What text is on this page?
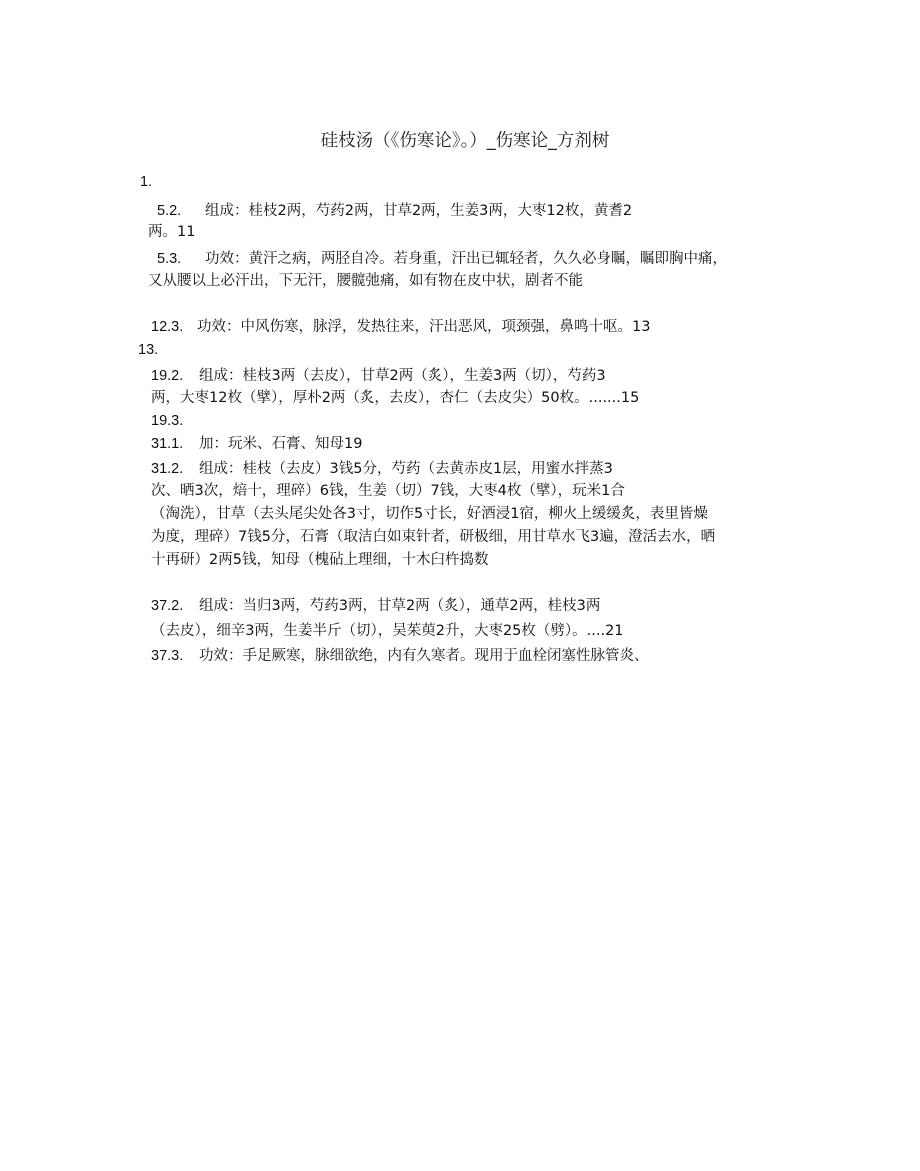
硅枝汤（《伤寒论》。）_伤寒论_方剂树
1.
5.2. 组成：桂枝2两，芍药2两，甘草2两，生姜3两，大枣12枚，黄耆2
两。11
5.3. 功效：黄汗之病，两胫自冷。若身重，汗出已辄轻者，久久必身瞩，瞩即胸中痛，
又从腰以上必汗出，下无汗，腰髋弛痛，如有物在皮中状，剧者不能
12.3. 功效：中风伤寒，脉浮，发热往来，汗出恶风，项颈强，鼻鸣十呕。13
13.
19.2. 组成：桂枝3两（去皮），甘草2两（炙），生姜3两（切），芍药3
两，大枣12枚（擘），厚朴2两（炙，去皮），杏仁（去皮尖）50枚。.......15
19.3.
31.1. 加：玩米、石膏、知母19
31.2. 组成：桂枝（去皮）3钱5分，芍药（去黄赤皮1层，用蜜水拌蒸3
次、晒3次，焙十，理碎）6钱，生姜（切）7钱，大枣4枚（擘），玩米1合
（淘洗），甘草（去头尾尖处各3寸，切作5寸长，好酒浸1宿，柳火上缓缓炙，表里皆燥
为度，理碎）7钱5分，石膏（取洁白如束针者，研极细，用甘草水飞3遍，澄活去水，晒
十再研）2两5钱，知母（槐砧上理细，十木臼杵捣数
37.2. 组成：当归3两，芍药3两，甘草2两（炙），通草2两，桂枝3两
（去皮），细辛3两，生姜半斤（切），吴茱萸2升，大枣25枚（劈）。....21
37.3. 功效：手足厥寒，脉细欲绝，内有久寒者。现用于血栓闭塞性脉管炎、
